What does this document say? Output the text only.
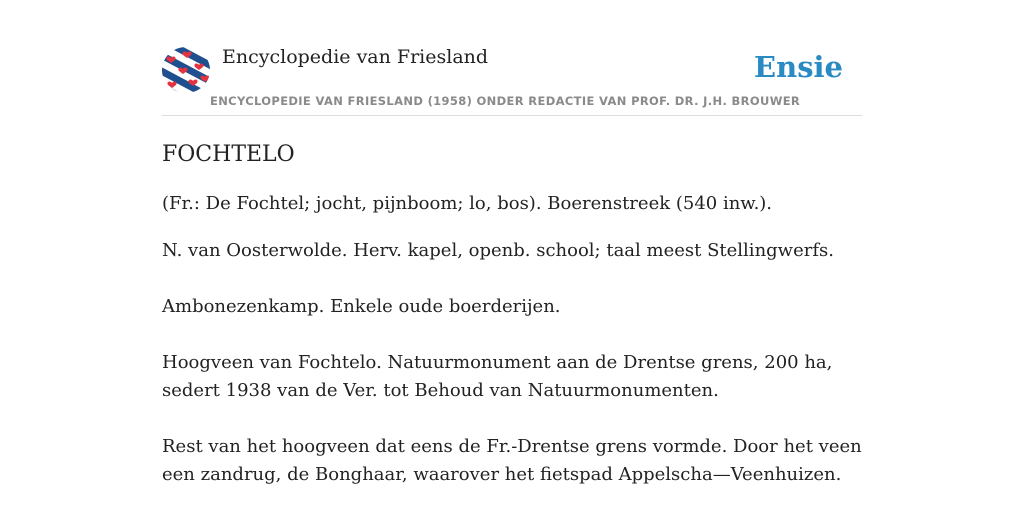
Encyclopedie van Friesland
ENCYCLOPEDIE VAN FRIESLAND (1958) ONDER REDACTIE VAN PROF. DR. J.H. BROUWER
Ensie
FOCHTELO

(Fr.: De Fochtel; jocht, pijnboom; lo, bos). Boerenstreek (540 inw.).

N. van Oosterwolde. Herv. kapel, openb. school; taal meest Stellingwerfs.

Ambonezenkamp. Enkele oude boerderijen.

Hoogveen van Fochtelo. Natuurmonument aan de Drentse grens, 200 ha, sedert 1938 van de Ver. tot Behoud van Natuurmonumenten.

Rest van het hoogveen dat eens de Fr.-Drentse grens vormde. Door het veen een zandrug, de Bonghaar, waarover het fietspad Appelscha—Veenhuizen.
